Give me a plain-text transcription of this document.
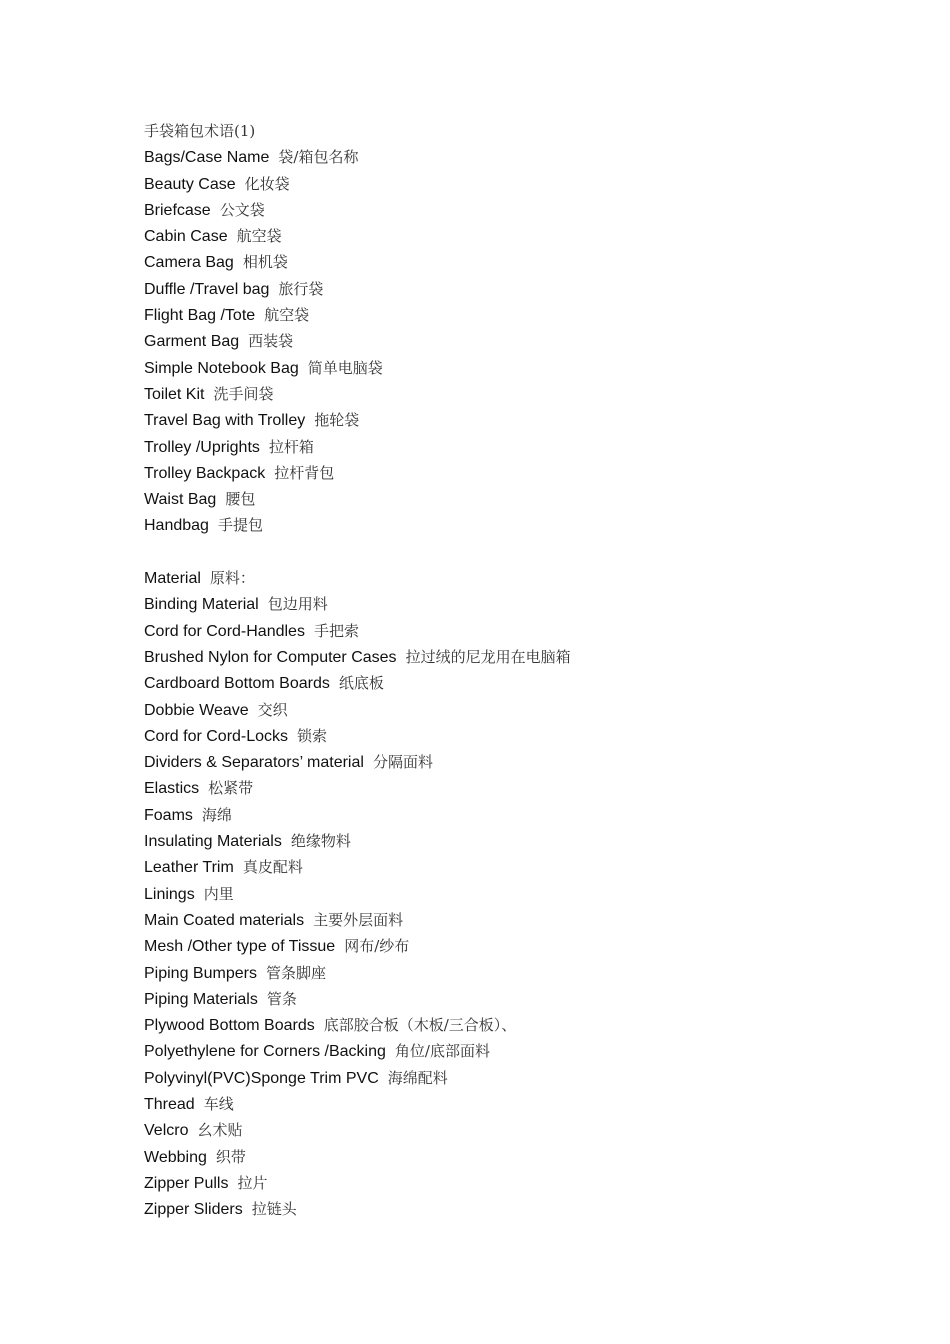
手袋箱包术语(1)
Bags/Case Name 袋/箱包名称
Beauty Case 化妆袋
Briefcase 公文袋
Cabin Case 航空袋
Camera Bag 相机袋
Duffle /Travel bag 旅行袋
Flight Bag /Tote 航空袋
Garment Bag 西装袋
Simple Notebook Bag 简单电脑袋
Toilet Kit 洗手间袋
Travel Bag with Trolley 拖轮袋
Trolley /Uprights 拉杆箱
Trolley Backpack 拉杆背包
Waist Bag 腰包
Handbag 手提包
Material 原料：
Binding Material 包边用料
Cord for Cord-Handles 手把索
Brushed Nylon for Computer Cases 拉过绒的尼龙用在电脑箱
Cardboard Bottom Boards 纸底板
Dobbie Weave 交织
Cord for Cord-Locks 锁索
Dividers & Separators’ material 分隔面料
Elastics 松紧带
Foams 海绵
Insulating Materials 绝缘物料
Leather Trim 真皮配料
Linings 内里
Main Coated materials 主要外层面料
Mesh /Other type of Tissue 网布/纱布
Piping Bumpers 管条脚座
Piping Materials 管条
Plywood Bottom Boards 底部胶合板（木板/三合板）、
Polyethylene for Corners /Backing 角位/底部面料
Polyvinyl(PVC)Sponge Trim PVC 海绵配料
Thread 车线
Velcro 幺术贴
Webbing 织带
Zipper Pulls 拉片
Zipper Sliders 拉链头
